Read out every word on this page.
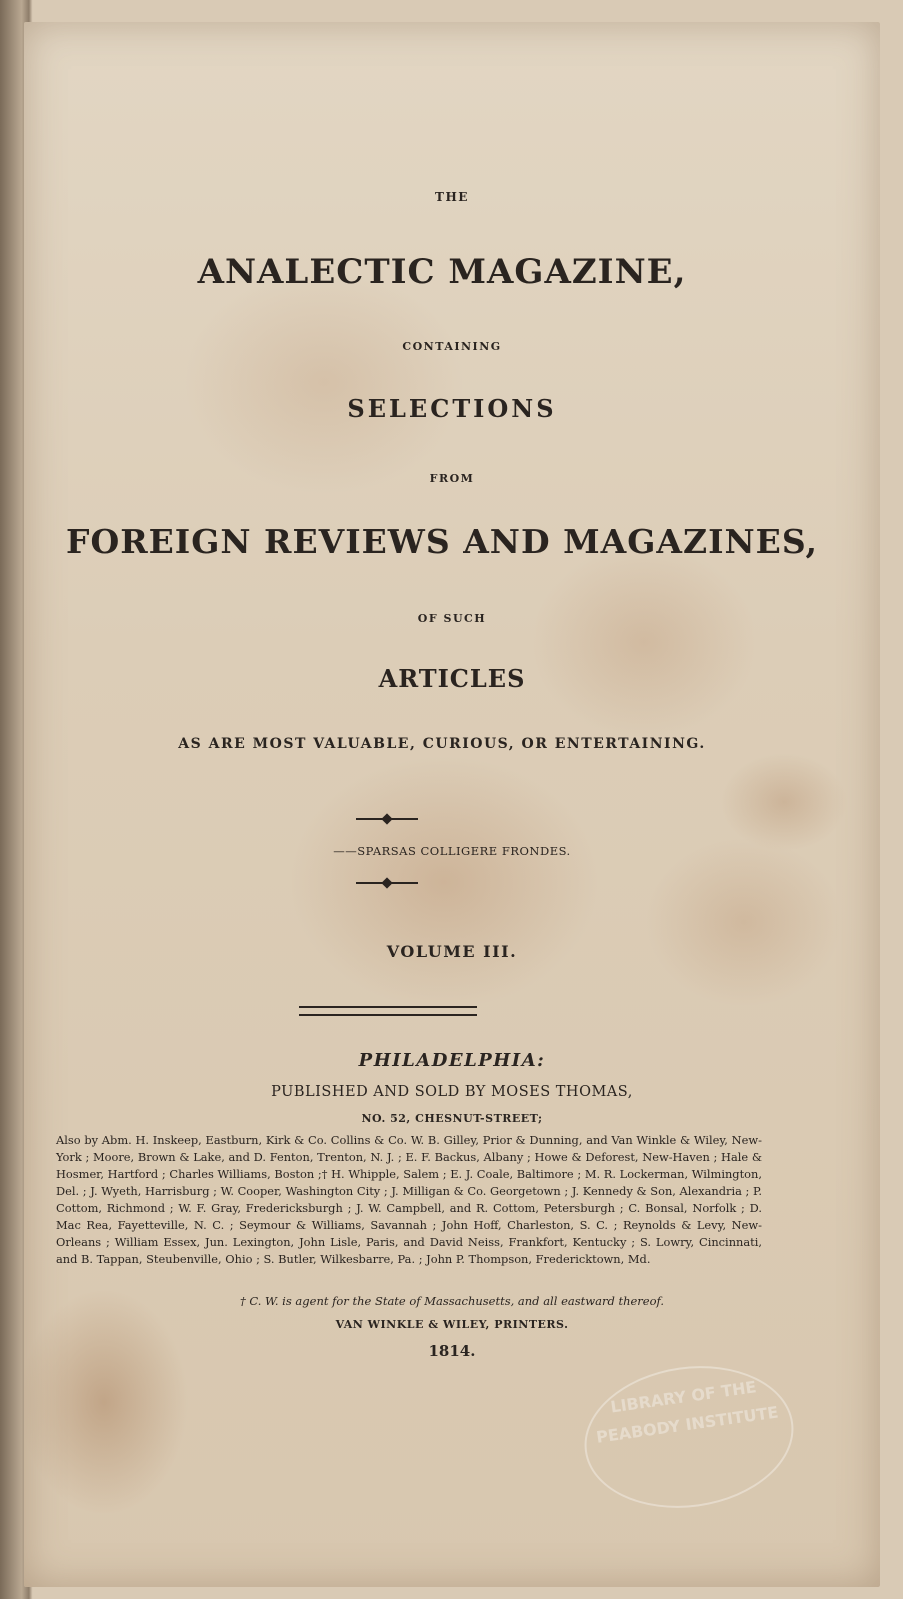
THE
ANALECTIC MAGAZINE,
CONTAINING
SELECTIONS
FROM
FOREIGN REVIEWS AND MAGAZINES,
OF SUCH
ARTICLES
AS ARE MOST VALUABLE, CURIOUS, OR ENTERTAINING.
——SPARSAS COLLIGERE FRONDES.
VOLUME III.
PHILADELPHIA:
PUBLISHED AND SOLD BY MOSES THOMAS,
NO. 52, CHESNUT-STREET;
Also by Abm. H. Inskeep, Eastburn, Kirk & Co. Collins & Co. W. B. Gilley, Prior & Dunning, and Van Winkle & Wiley, New-York ; Moore, Brown & Lake, and D. Fenton, Trenton, N. J. ; E. F. Backus, Albany ; Howe & Deforest, New-Haven ; Hale & Hosmer, Hartford ; Charles Williams, Boston ;† H. Whipple, Salem ; E. J. Coale, Baltimore ; M. R. Lockerman, Wilmington, Del. ; J. Wyeth, Harrisburg ; W. Cooper, Washington City ; J. Milligan & Co. Georgetown ; J. Kennedy & Son, Alexandria ; P. Cottom, Richmond ; W. F. Gray, Fredericksburgh ; J. W. Campbell, and R. Cottom, Petersburgh ; C. Bonsal, Norfolk ; D. Mac Rea, Fayetteville, N. C. ; Seymour & Williams, Savannah ; John Hoff, Charleston, S. C. ; Reynolds & Levy, New-Orleans ; William Essex, Jun. Lexington, John Lisle, Paris, and David Neiss, Frankfort, Kentucky ; S. Lowry, Cincinnati, and B. Tappan, Steubenville, Ohio ; S. Butler, Wilkesbarre, Pa. ; John P. Thompson, Fredericktown, Md.
† C. W. is agent for the State of Massachusetts, and all eastward thereof.
VAN WINKLE & WILEY, PRINTERS.
1814.
LIBRARY OF THE PEABODY INSTITUTE
